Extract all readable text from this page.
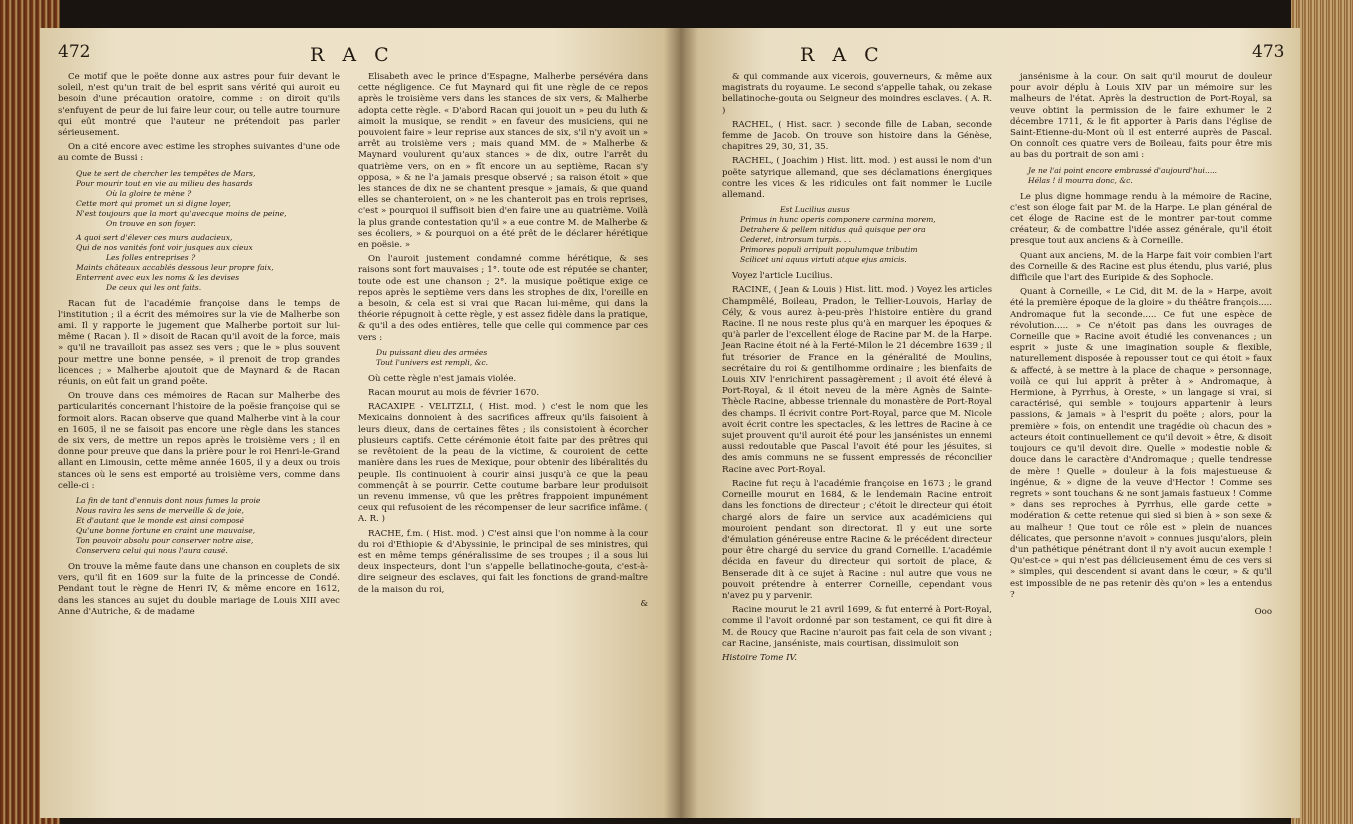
472	R A C

Ce motif que le poëte donne aux astres pour fuir devant le soleil, n'est qu'un trait de bel esprit sans vérité qui auroit eu besoin d'une précaution oratoire, comme : on diroit qu'ils s'enfuyent de peur de lui faire leur cour, ou telle autre tournure qui eût montré que l'auteur ne prétendoit pas parler sérieusement.

On a cité encore avec estime les strophes suivantes d'une ode au comte de Bussi :

Que te sert de chercher les tempêtes de Mars,
Pour mourir tout en vie au milieu des hasards
Où la gloire te mène ?
Cette mort qui promet un si digne loyer,
N'est toujours que la mort qu'avecque moins de peine,
On trouve en son foyer.
A quoi sert d'élever ces murs audacieux,
Qui de nos vanités font voir jusques aux cieux
Les folles entreprises ?
Maints châteaux accablés dessous leur propre faix,
Enterrent avec eux les noms & les devises
De ceux qui les ont faits.

Racan fut de l'académie françoise dans le temps de l'institution ; il a écrit des mémoires sur la vie de Malherbe son ami. Il y rapporte le jugement que Malherbe portoit sur lui-même ( Racan ). Il » disoit de Racan qu'il avoit de la force, mais » qu'il ne travailloit pas assez ses vers ; que le » plus souvent pour mettre une bonne pensée, » il prenoit de trop grandes licences ; » Malherbe ajoutoit que de Maynard & de Racan réunis, on eût fait un grand poëte.

On trouve dans ces mémoires de Racan sur Malherbe des particularités concernant l'histoire de la poësie françoise qui se formoit alors. Racan observe que quand Malherbe vint à la cour en 1605, il ne se faisoit pas encore une règle dans les stances de six vers, de mettre un repos après le troisième vers ; il en donne pour preuve que dans la prière pour le roi Henri-le-Grand allant en Limousin, cette même année 1605, il y a deux ou trois stances où le sens est emporté au troisième vers, comme dans celle-ci :

La fin de tant d'ennuis dont nous fumes la proie
Nous ravira les sens de merveille & de joie,
Et d'autant que le monde est ainsi composé
Qu'une bonne fortune en craint une mauvaise,
Ton pouvoir absolu pour conserver notre aise,
Conservera celui qui nous l'aura causé.

On trouve la même faute dans une chanson en couplets de six vers, qu'il fit en 1609 sur la fuite de la princesse de Condé. Pendant tout le règne de Henri IV, & même encore en 1612, dans les stances au sujet du double mariage de Louis XIII avec Anne d'Autriche, & de madame

Elisabeth avec le prince d'Espagne, Malherbe persévéra dans cette négligence. Ce fut Maynard qui fit une règle de ce repos après le troisième vers dans les stances de six vers, & Malherbe adopta cette règle. « D'abord Racan qui jouoit un » peu du luth & aimoit la musique, se rendit » en faveur des musiciens, qui ne pouvoient faire » leur reprise aux stances de six, s'il n'y avoit un » arrêt au troisième vers ; mais quand MM. de » Malherbe & Maynard voulurent qu'aux stances » de dix, outre l'arrêt du quatrième vers, on en » fît encore un au septième, Racan s'y opposa, » & ne l'a jamais presque observé ; sa raison étoit » que les stances de dix ne se chantent presque » jamais, & que quand elles se chanteroient, on » ne les chanteroit pas en trois reprises, c'est » pourquoi il suffisoit bien d'en faire une au quatrième. Voilà la plus grande contestation qu'il » a eue contre M. de Malherbe & ses écoliers, » & pourquoi on a été prêt de le déclarer hérétique en poësie. »

On l'auroit justement condamné comme hérétique, & ses raisons sont fort mauvaises ; 1°. toute ode est réputée se chanter, toute ode est une chanson ; 2°. la musique poëtique exige ce repos après le septième vers dans les strophes de dix, l'oreille en a besoin, & cela est si vrai que Racan lui-même, qui dans la théorie répugnoit à cette règle, y est assez fidèle dans la pratique, & qu'il a des odes entières, telle que celle qui commence par ces vers :

Du puissant dieu des armées
Tout l'univers est rempli, &c.

Où cette règle n'est jamais violée.

Racan mourut au mois de février 1670.

RACAXIPE - VELITZLI, ( Hist. mod. ) c'est le nom que les Mexicains donnoient à des sacrifices affreux qu'ils faisoient à leurs dieux, dans de certaines fêtes ; ils consistoient à écorcher plusieurs captifs. Cette cérémonie étoit faite par des prêtres qui se revêtoient de la peau de la victime, & couroient de cette manière dans les rues de Mexique, pour obtenir des libéralités du peuple. Ils continuoient à courir ainsi jusqu'à ce que la peau commençât à se pourrir. Cette coutume barbare leur produisoit un revenu immense, vû que les prêtres frappoient impunément ceux qui refusoient de les récompenser de leur sacrifice infâme. ( A. R. )

RACHE, f.m. ( Hist. mod. ) C'est ainsi que l'on nomme à la cour du roi d'Ethiopie & d'Abyssinie, le principal de ses ministres, qui est en même temps généralissime de ses troupes ; il a sous lui deux inspecteurs, dont l'un s'appelle bellatinoche-gouta, c'est-à-dire seigneur des esclaves, qui fait les fonctions de grand-maître de la maison du roi,

&
R A C	473

& qui commande aux vicerois, gouverneurs, & même aux magistrats du royaume. Le second s'appelle tahak, ou zekase bellatinoche-gouta ou Seigneur des moindres esclaves. ( A. R. )

RACHEL, ( Hist. sacr. ) seconde fille de Laban, seconde femme de Jacob. On trouve son histoire dans la Génèse, chapitres 29, 30, 31, 35.

RACHEL, ( Joachim ) Hist. litt. mod. ) est aussi le nom d'un poëte satyrique allemand, que ses déclamations énergiques contre les vices & les ridicules ont fait nommer le Lucile allemand.

Est Lucilius ausus
Primus in hunc operis componere carmina morem,
Detrahere & pellem nitidus quâ quisque per ora
Cederet, introrsum turpis. . .
Primores populi arripuit populumque tributim
Scilicet uni aquus virtuti atque ejus amicis.

Voyez l'article Lucilius.

RACINE, ( Jean & Louis ) Hist. litt. mod. ) Voyez les articles Champmêlé, Boileau, Pradon, le Tellier-Louvois, Harlay de Cély, & vous aurez à-peu-près l'histoire entière du grand Racine. Il ne nous reste plus qu'à en marquer les époques & qu'à parler de l'excellent éloge de Racine par M. de la Harpe. Jean Racine étoit né à la Ferté-Milon le 21 décembre 1639 ; il fut trésorier de France en la généralité de Moulins, secrétaire du roi & gentilhomme ordinaire ; les bienfaits de Louis XIV l'enrichirent passagèrement ; il avoit été élevé à Port-Royal, & il étoit neveu de la mère Agnès de Sainte-Thècle Racine, abbesse triennale du monastère de Port-Royal des champs. Il écrivit contre Port-Royal, parce que M. Nicole avoit écrit contre les spectacles, & les lettres de Racine à ce sujet prouvent qu'il auroit été pour les jansénistes un ennemi aussi redoutable que Pascal l'avoit été pour les jésuites, si des amis communs ne se fussent empressés de réconcilier Racine avec Port-Royal.

Racine fut reçu à l'académie françoise en 1673 ; le grand Corneille mourut en 1684, & le lendemain Racine entroit dans les fonctions de directeur ; c'étoit le directeur qui étoit chargé alors de faire un service aux académiciens qui mouroient pendant son directorat. Il y eut une sorte d'émulation généreuse entre Racine & le précédent directeur pour être chargé du service du grand Corneille. L'académie décida en faveur du directeur qui sortoit de place, & Benserade dit à ce sujet à Racine : nul autre que vous ne pouvoit prétendre à enterrer Corneille, cependant vous n'avez pu y parvenir.

Racine mourut le 21 avril 1699, & fut enterré à Port-Royal, comme il l'avoit ordonné par son testament, ce qui fit dire à M. de Roucy que Racine n'auroit pas fait cela de son vivant ; car Racine, janséniste, mais courtisan, dissimuloit son

Histoire Tome IV.

jansénisme à la cour. On sait qu'il mourut de douleur pour avoir déplu à Louis XIV par un mémoire sur les malheurs de l'état. Après la destruction de Port-Royal, sa veuve obtint la permission de le faire exhumer le 2 décembre 1711, & le fit apporter à Paris dans l'église de Saint-Etienne-du-Mont où il est enterré auprès de Pascal. On connoît ces quatre vers de Boileau, faits pour être mis au bas du portrait de son ami :

Je ne l'ai point encore embrassé d'aujourd'hui.....
Hélas ! il mourra donc, &c.

Le plus digne hommage rendu à la mémoire de Racine, c'est son éloge fait par M. de la Harpe. Le plan général de cet éloge de Racine est de le montrer par-tout comme créateur, & de combattre l'idée assez générale, qu'il étoit presque tout aux anciens & à Corneille.

Quant aux anciens, M. de la Harpe fait voir combien l'art des Corneille & des Racine est plus étendu, plus varié, plus difficile que l'art des Euripide & des Sophocle.

Quant à Corneille, « Le Cid, dit M. de la » Harpe, avoit été la première époque de la gloire » du théâtre françois..... Andromaque fut la seconde..... Ce fut une espèce de révolution..... » Ce n'étoit pas dans les ouvrages de Corneille que » Racine avoit étudié les convenances ; un esprit » juste & une imagination souple & flexible, naturellement disposée à repousser tout ce qui étoit » faux & affecté, à se mettre à la place de chaque » personnage, voilà ce qui lui apprit à prêter à » Andromaque, à Hermione, à Pyrrhus, à Oreste, » un langage si vrai, si caractérisé, qui semble » toujours appartenir à leurs passions, & jamais » à l'esprit du poëte ; alors, pour la première » fois, on entendit une tragédie où chacun des » acteurs étoit continuellement ce qu'il devoit » être, & disoit toujours ce qu'il devoit dire. Quelle » modestie noble & douce dans le caractère d'Andromaque ; quelle tendresse de mère ! Quelle » douleur à la fois majestueuse & ingénue, & » digne de la veuve d'Hector ! Comme ses regrets » sont touchans & ne sont jamais fastueux ! Comme » dans ses reproches à Pyrrhus, elle garde cette » modération & cette retenue qui sied si bien à » son sexe & au malheur ! Que tout ce rôle est » plein de nuances délicates, que personne n'avoit » connues jusqu'alors, plein d'un pathétique pénétrant dont il n'y avoit aucun exemple ! Qu'est-ce » qui n'est pas délicieusement ému de ces vers si » simples, qui descendent si avant dans le cœur, » & qu'il est impossible de ne pas retenir dès qu'on » les a entendus ?

Ooo
